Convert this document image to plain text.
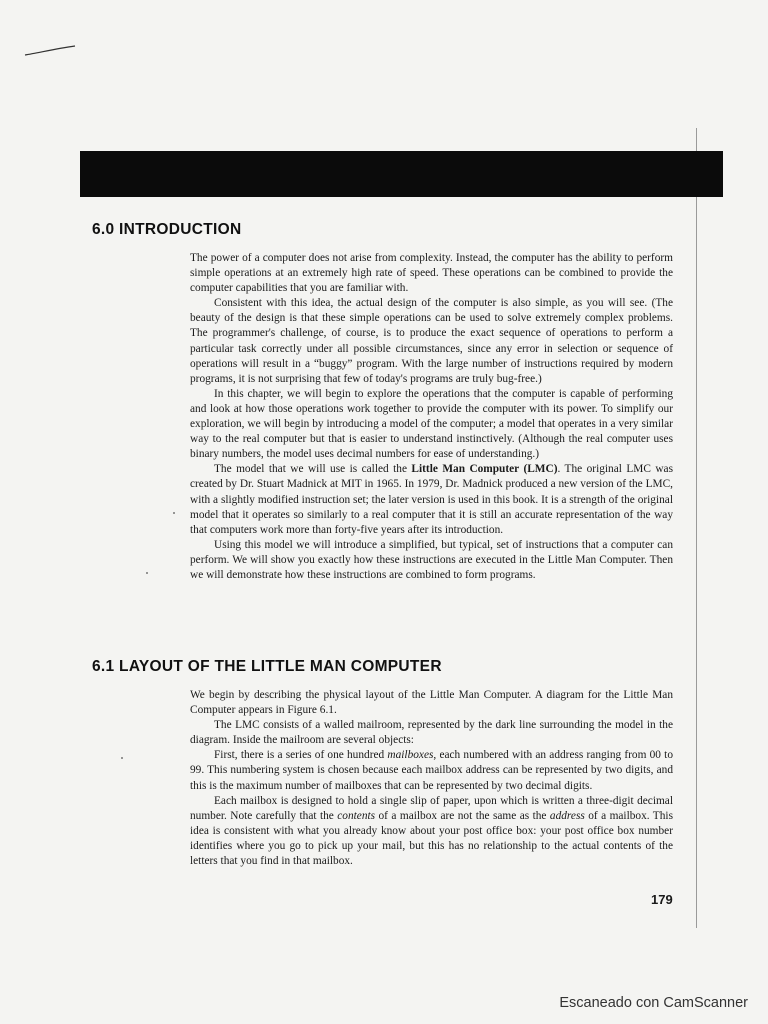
6.0 INTRODUCTION

The power of a computer does not arise from complexity. Instead, the computer has the ability to perform simple operations at an extremely high rate of speed. These operations can be combined to provide the computer capabilities that you are familiar with.

Consistent with this idea, the actual design of the computer is also simple, as you will see. (The beauty of the design is that these simple operations can be used to solve extremely complex problems. The programmer's challenge, of course, is to produce the exact sequence of operations to perform a particular task correctly under all possible circumstances, since any error in selection or sequence of operations will result in a “buggy” program. With the large number of instructions required by modern programs, it is not surprising that few of today's programs are truly bug-free.)

In this chapter, we will begin to explore the operations that the computer is capable of performing and look at how those operations work together to provide the computer with its power. To simplify our exploration, we will begin by introducing a model of the computer; a model that operates in a very similar way to the real computer but that is easier to understand instinctively. (Although the real computer uses binary numbers, the model uses decimal numbers for ease of understanding.)

The model that we will use is called the Little Man Computer (LMC). The original LMC was created by Dr. Stuart Madnick at MIT in 1965. In 1979, Dr. Madnick produced a new version of the LMC, with a slightly modified instruction set; the later version is used in this book. It is a strength of the original model that it operates so similarly to a real computer that it is still an accurate representation of the way that computers work more than forty-five years after its introduction.

Using this model we will introduce a simplified, but typical, set of instructions that a computer can perform. We will show you exactly how these instructions are executed in the Little Man Computer. Then we will demonstrate how these instructions are combined to form programs.

6.1 LAYOUT OF THE LITTLE MAN COMPUTER

We begin by describing the physical layout of the Little Man Computer. A diagram for the Little Man Computer appears in Figure 6.1.

The LMC consists of a walled mailroom, represented by the dark line surrounding the model in the diagram. Inside the mailroom are several objects:

First, there is a series of one hundred mailboxes, each numbered with an address ranging from 00 to 99. This numbering system is chosen because each mailbox address can be represented by two digits, and this is the maximum number of mailboxes that can be represented by two decimal digits.

Each mailbox is designed to hold a single slip of paper, upon which is written a three-digit decimal number. Note carefully that the contents of a mailbox are not the same as the address of a mailbox. This idea is consistent with what you already know about your post office box: your post office box number identifies where you go to pick up your mail, but this has no relationship to the actual contents of the letters that you find in that mailbox.

179
Escaneado con CamScanner
